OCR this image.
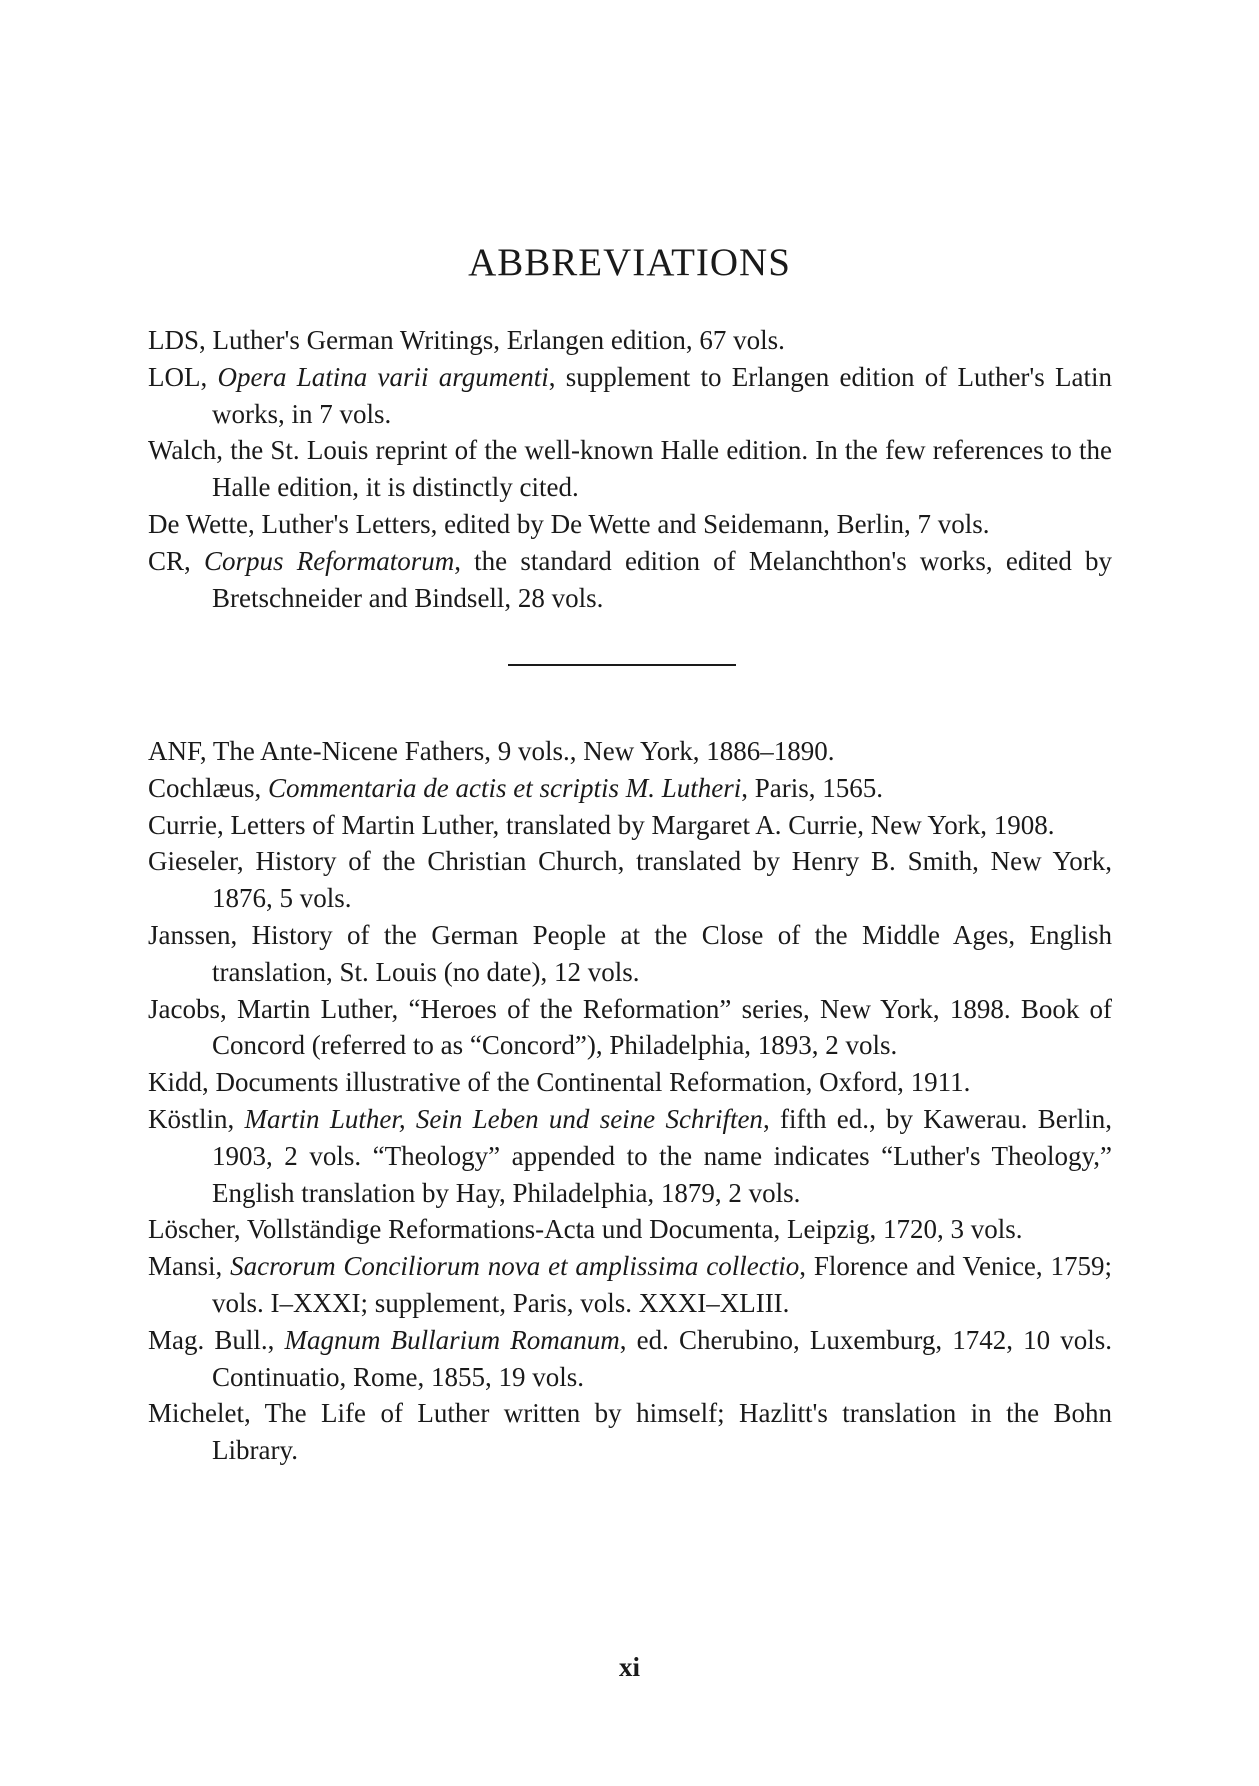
ABBREVIATIONS

LDS, Luther's German Writings, Erlangen edition, 67 vols.

LOL, Opera Latina varii argumenti, supplement to Erlangen edition of Luther's Latin works, in 7 vols.

Walch, the St. Louis reprint of the well-known Halle edition. In the few references to the Halle edition, it is distinctly cited.

De Wette, Luther's Letters, edited by De Wette and Seidemann, Berlin, 7 vols.

CR, Corpus Reformatorum, the standard edition of Melanchthon's works, edited by Bretschneider and Bindsell, 28 vols.

ANF, The Ante-Nicene Fathers, 9 vols., New York, 1886–1890.

Cochlæus, Commentaria de actis et scriptis M. Lutheri, Paris, 1565.

Currie, Letters of Martin Luther, translated by Margaret A. Currie, New York, 1908.

Gieseler, History of the Christian Church, translated by Henry B. Smith, New York, 1876, 5 vols.

Janssen, History of the German People at the Close of the Middle Ages, English translation, St. Louis (no date), 12 vols.

Jacobs, Martin Luther, “Heroes of the Reformation” series, New York, 1898. Book of Concord (referred to as “Concord”), Philadelphia, 1893, 2 vols.

Kidd, Documents illustrative of the Continental Reformation, Oxford, 1911.

Köstlin, Martin Luther, Sein Leben und seine Schriften, fifth ed., by Kawerau. Berlin, 1903, 2 vols. “Theology” appended to the name indicates “Luther's Theology,” English translation by Hay, Philadelphia, 1879, 2 vols.

Löscher, Vollständige Reformations-Acta und Documenta, Leipzig, 1720, 3 vols.

Mansi, Sacrorum Conciliorum nova et amplissima collectio, Florence and Venice, 1759; vols. I–XXXI; supplement, Paris, vols. XXXI–XLIII.

Mag. Bull., Magnum Bullarium Romanum, ed. Cherubino, Luxemburg, 1742, 10 vols. Continuatio, Rome, 1855, 19 vols.

Michelet, The Life of Luther written by himself; Hazlitt's translation in the Bohn Library.

xi
